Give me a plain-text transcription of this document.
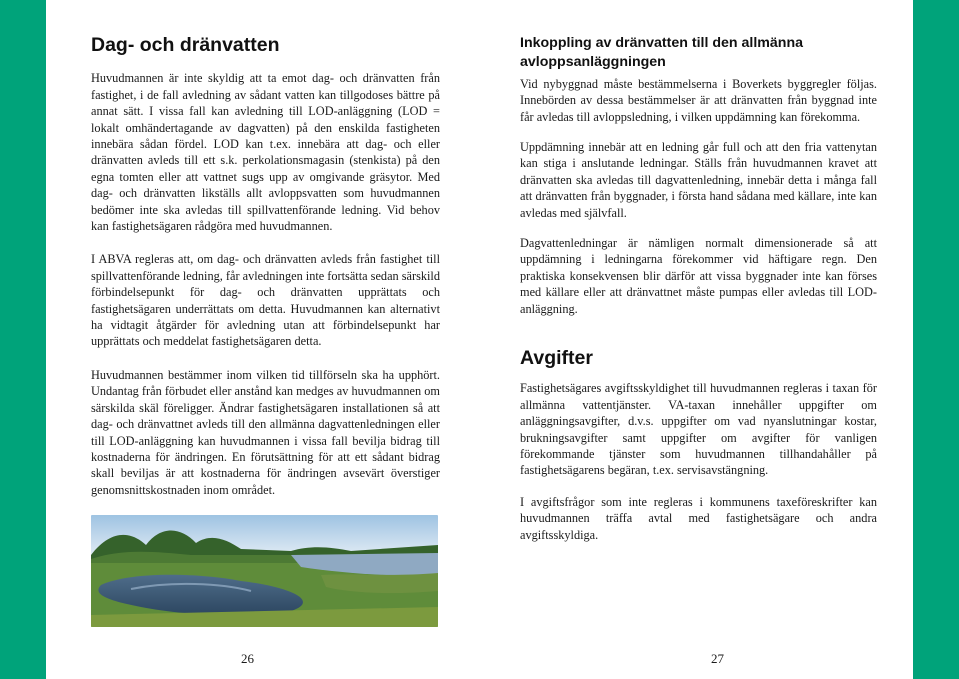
Dag- och dränvatten

Huvudmannen är inte skyldig att ta emot dag- och dränvatten från fastighet, i de fall avledning av sådant vatten kan tillgodoses bättre på annat sätt. I vissa fall kan avledning till LOD-anläggning (LOD = lokalt omhändertagande av dagvatten) på den enskilda fastigheten innebära sådan fördel. LOD kan t.ex. innebära att dag- och eller dränvatten avleds till ett s.k. perkolationsmagasin (stenkista) på den egna tomten eller att vattnet sugs upp av omgivande gräsytor. Med dag- och dränvatten likställs allt avloppsvatten som huvudmannen bedömer inte ska avledas till spillvattenförande ledning. Vid behov kan fastighetsägaren rådgöra med huvudmannen.

I ABVA regleras att, om dag- och dränvatten avleds från fastighet till spillvattenförande ledning, får avledningen inte fortsätta sedan särskild förbindelsepunkt för dag- och dränvatten upprättats och fastighetsägaren underrättats om detta. Huvudmannen kan alternativt ha vidtagit åtgärder för avledning utan att förbindelsepunkt har upprättats och meddelat fastighetsägaren detta.

Huvudmannen bestämmer inom vilken tid tillförseln ska ha upphört. Undantag från förbudet eller anstånd kan medges av huvudmannen om särskilda skäl föreligger. Ändrar fastighetsägaren installationen så att dag- och dränvattnet avleds till den allmänna dagvattenledningen eller till LOD-anläggning kan huvudmannen i vissa fall bevilja bidrag till kostnaderna för ändringen. En förutsättning för att ett sådant bidrag skall beviljas är att kostnaderna för ändringen avsevärt överstiger genomsnittskostnaden inom området.

26
Inkoppling av dränvatten till den allmänna avloppsanläggningen

Vid nybyggnad måste bestämmelserna i Boverkets byggregler följas. Innebörden av dessa bestämmelser är att dränvatten från byggnad inte får avledas till avloppsledning, i vilken uppdämning kan förekomma.

Uppdämning innebär att en ledning går full och att den fria vattenytan kan stiga i anslutande ledningar. Ställs från huvudmannen kravet att dränvatten ska avledas till dagvattenledning, innebär detta i många fall att dränvatten från byggnader, i första hand sådana med källare, inte kan avledas med självfall.

Dagvattenledningar är nämligen normalt dimensionerade så att uppdämning i ledningarna förekommer vid häftigare regn. Den praktiska konsekvensen blir därför att vissa byggnader inte kan förses med källare eller att dränvattnet måste pumpas eller avledas till LOD-anläggning.

Avgifter

Fastighetsägares avgiftsskyldighet till huvudmannen regleras i taxan för allmänna vattentjänster. VA-taxan innehåller uppgifter om anläggningsavgifter, d.v.s. uppgifter om vad nyanslutningar kostar, brukningsavgifter samt uppgifter om avgifter för vanligen förekommande tjänster som huvudmannen tillhandahåller på fastighetsägarens begäran, t.ex. servisavstängning.

I avgiftsfrågor som inte regleras i kommunens taxeföreskrifter kan huvudmannen träffa avtal med fastighetsägare och andra avgiftsskyldiga.

27
